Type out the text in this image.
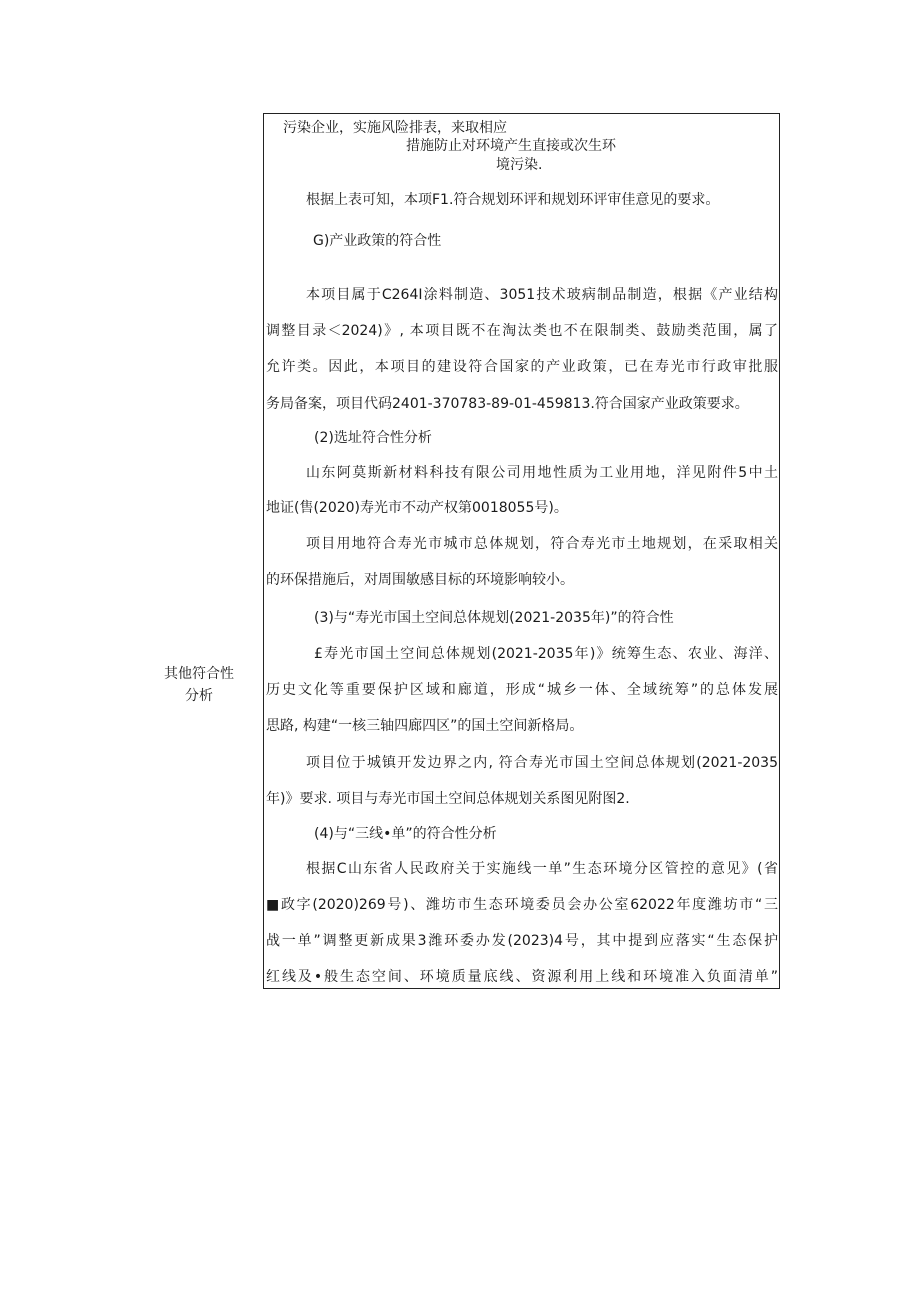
其他符合性
分析
污染企业，实施风险排表，来取相应
措施防止对环境产生直接或次生环
境污染.
根据上表可知，本项F1.符合规划环评和规划环评审佳意见的要求。
G)产业政策的符合性
本项目属于C264I涂料制造、3051技术玻病制品制造，根据《产业结构
调整目录＜2024)》, 本项目既不在淘汰类也不在限制类、鼓励类范围，属了
允许类。因此，本项目的建设符合国家的产业政策，已在寿光市行政审批服
务局备案，项目代码2401-370783-89-01-459813.符合国家产业政策要求。
(2)选址符合性分析
山东阿莫斯新材料科技有限公司用地性质为工业用地，洋见附件5中土
地证(售(2020)寿光市不动产权第0018055号)。
项目用地符合寿光市城市总体规划，符合寿光市土地规划，在采取相关
的环保措施后，对周围敏感目标的环境影响较小。
(3)与“寿光市国土空间总体规划(2021-2035年)”的符合性
£寿光市国土空间总体规划(2021-2035年)》统筹生态、农业、海洋、
历史文化等重要保护区域和廊道，形成“城乡一体、全域统筹”的总体发展
思路, 构建“一核三轴四廊四区”的国土空间新格局。
项目位于城镇开发边界之内, 符合寿光市国土空间总体规划(2021-2035
年)》要求. 项目与寿光市国土空间总体规划关系图见附图2.
(4)与“三线•单”的符合性分析
根据C山东省人民政府关于实施线一单”生态环境分区管控的意见》(省
■政字(2020)269号)、潍坊市生态环境委员会办公室62022年度潍坊市“三
战一单”调整更新成果3潍环委办发(2023)4号，其中提到应落实“生态保护
红线及•般生态空间、环境质量底线、资源利用上线和环境准入负面清单”
